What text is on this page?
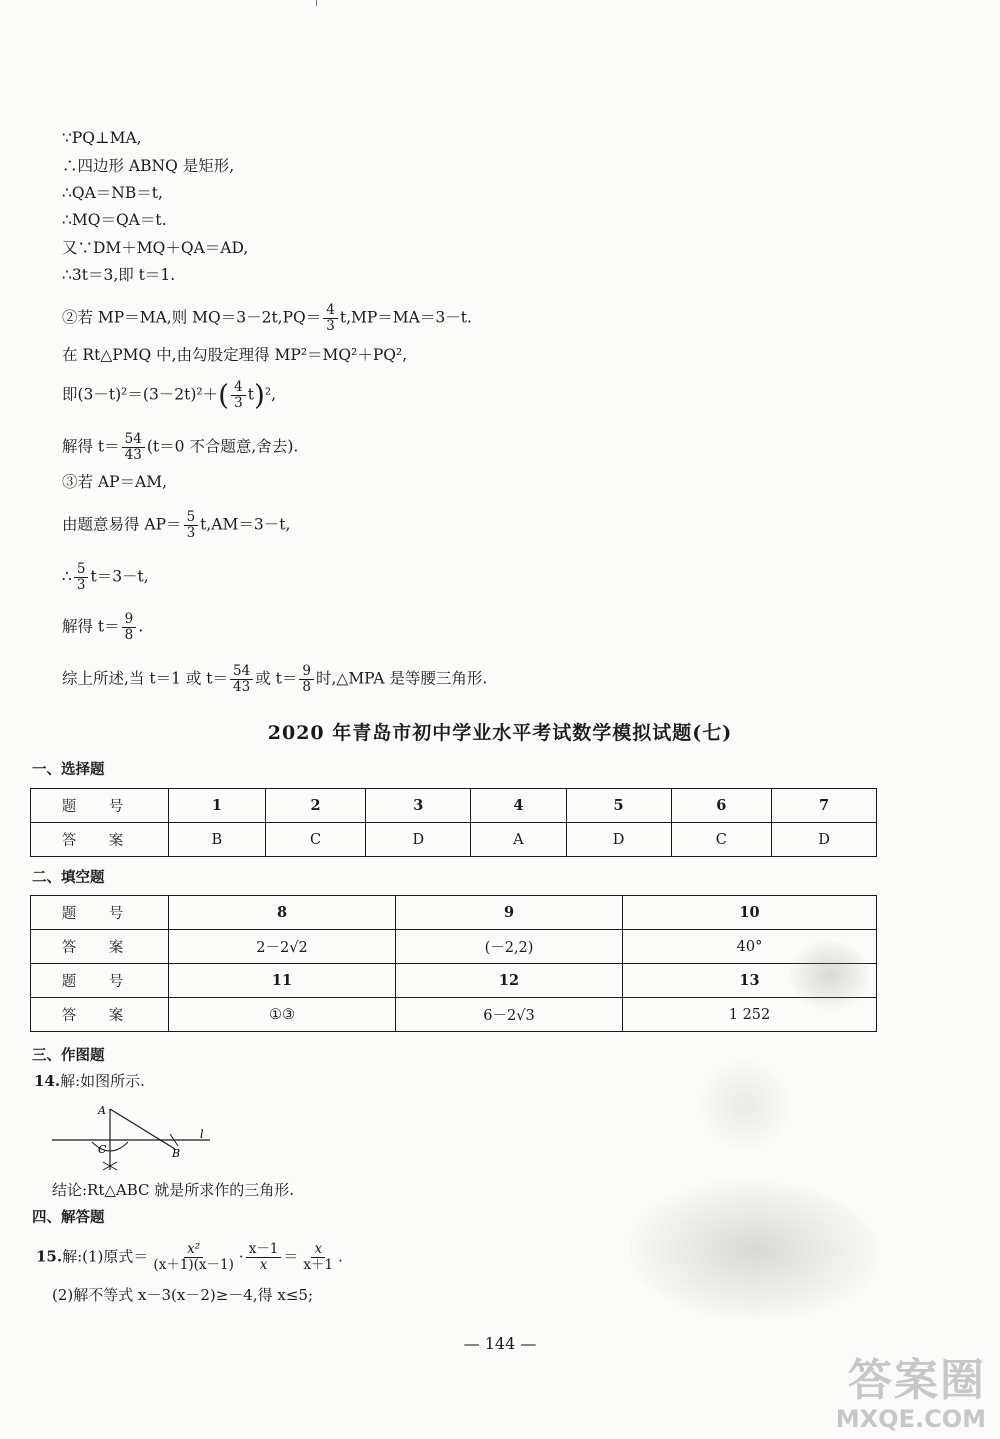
∵PQ⊥MA,
∴四边形 ABNQ 是矩形,
∴QA＝NB＝t,
∴MQ＝QA＝t.
又∵DM＋MQ＋QA＝AD,
∴3t＝3,即 t＝1.
②若 MP＝MA,则 $MQ=3-2t,PQ= \frac{4}{3} t,MP=MA=3-t$.
在 Rt△PMQ 中,由勾股定理得 MP²＝MQ²＋PQ²,
即$(3-t)^2=(3-2t)^2+( \frac{4}{3} t)^2$,
解得 $t= \frac{54}{43} (t=0$ 不合题意,舍去).
③若 AP＝AM,
由题意易得 $AP= \frac{5}{3} t,AM=3-t$,
∴ $\frac{5}{3} t=3-t$,
解得 $t= \frac{9}{8}$ .
综上所述,当 t＝1 或 $t= \frac{54}{43}$ 或 $t= \frac{9}{8}$ 时,△MPA 是等腰三角形.
2020 年青岛市初中学业水平考试数学模拟试题(七)
一、选择题
题 号	1	2	3	4	5	6	7
答 案	B	C	D	A	D	C	D
二、填空题
题 号	8	9	10
答 案	2－2√2	(－2,2)	40°
题 号	11	12	13
答 案	①③	6－2√3	1 252
三、作图题
14.解:如图所示.
A
C	B
l
结论:Rt△ABC 就是所求作的三角形.
四、解答题
15.解:(1)原式＝ $\frac{\text{x²}}{(x+1)(x-1)} \cdot \frac{x-1}{x} = \frac{x}{x+1}$ .
(2)解不等式 x－3(x－2)≥－4,得 x≤5;
— 144 —
答案圈
MXQE.COM
